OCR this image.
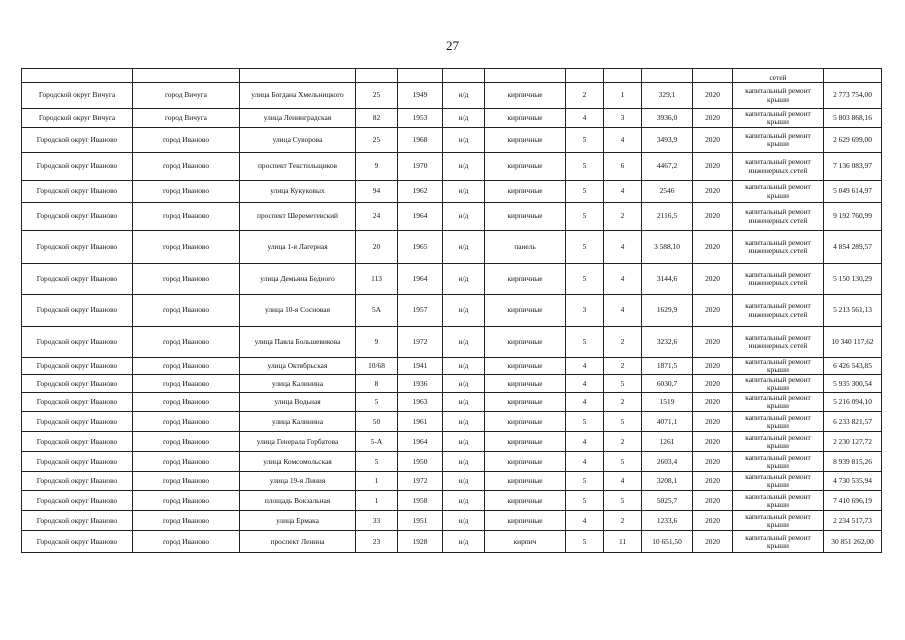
27
											сетей	
Городской округ Вичуга	город Вичуга	улица Богдана Хмельницкого	25	1949	н/д	кирпичные	2	1	329,1	2020	капитальный ремонт крыши	2 773 754,00
Городской округ Вичуга	город Вичуга	улица Ленинградская	82	1953	н/д	кирпичные	4	3	3936,0	2020	капитальный ремонт крыши	5 803 868,16
Городской округ Иваново	город Иваново	улица Суворова	25	1968	н/д	кирпичные	5	4	3493,9	2020	капитальный ремонт крыши	2 629 699,00
Городской округ Иваново	город Иваново	проспект Текстильщиков	9	1970	н/д	кирпичные	5	6	4467,2	2020	капитальный ремонт инженерных сетей	7 136 083,97
Городской округ Иваново	город Иваново	улица Кукуковых	94	1962	н/д	кирпичные	5	4	2546	2020	капитальный ремонт крыши	5 049 614,97
Городской округ Иваново	город Иваново	проспект Шереметевский	24	1964	н/д	кирпичные	5	2	2116,5	2020	капитальный ремонт инженерных сетей	9 192 760,99
Городской округ Иваново	город Иваново	улица 1-я Лагерная	20	1965	н/д	панель	5	4	3 588,10	2020	капитальный ремонт инженерных сетей	4 854 289,57
Городской округ Иваново	город Иваново	улица Демьяна Бедного	113	1964	н/д	кирпичные	5	4	3144,6	2020	капитальный ремонт инженерных сетей	5 150 130,29
Городской округ Иваново	город Иваново	улица 10-я Сосновая	5А	1957	н/д	кирпичные	3	4	1629,9	2020	капитальный ремонт инженерных сетей	5 213 561,13
Городской округ Иваново	город Иваново	улица Павла Большевикова	9	1972	н/д	кирпичные	5	2	3232,6	2020	капитальный ремонт инженерных сетей	10 340 117,62
Городской округ Иваново	город Иваново	улица Октябрьская	10/68	1941	н/д	кирпичные	4	2	1871,5	2020	капитальный ремонт крыши	6 426 543,85
Городской округ Иваново	город Иваново	улица Калинина	8	1936	н/д	кирпичные	4	5	6030,7	2020	капитальный ремонт крыши	5 935 300,54
Городской округ Иваново	город Иваново	улица Водьная	5	1963	н/д	кирпичные	4	2	1519	2020	капитальный ремонт крыши	5 216 094,10
Городской округ Иваново	город Иваново	улица Калинина	50	1961	н/д	кирпичные	5	5	4071,1	2020	капитальный ремонт крыши	6 233 821,57
Городской округ Иваново	город Иваново	улица Генерала Горбатова	5-А	1964	н/д	кирпичные	4	2	1261	2020	капитальный ремонт крыши	2 230 127,72
Городской округ Иваново	город Иваново	улица Комсомольская	5	1950	н/д	кирпичные	4	5	2603,4	2020	капитальный ремонт крыши	8 939 815,26
Городской округ Иваново	город Иваново	улица 19-я Линия	1	1972	н/д	кирпичные	5	4	3208,1	2020	капитальный ремонт крыши	4 730 535,94
Городской округ Иваново	город Иваново	площадь Вокзальная	1	1958	н/д	кирпичные	5	5	5025,7	2020	капитальный ремонт крыши	7 410 696,19
Городской округ Иваново	город Иваново	улица Ермака	33	1951	н/д	кирпичные	4	2	1233,6	2020	капитальный ремонт крыши	2 234 517,73
Городской округ Иваново	город Иваново	проспект Ленина	23	1928	н/д	кирпич	5	11	10 651,50	2020	капитальный ремонт крыши	30 851 262,00
